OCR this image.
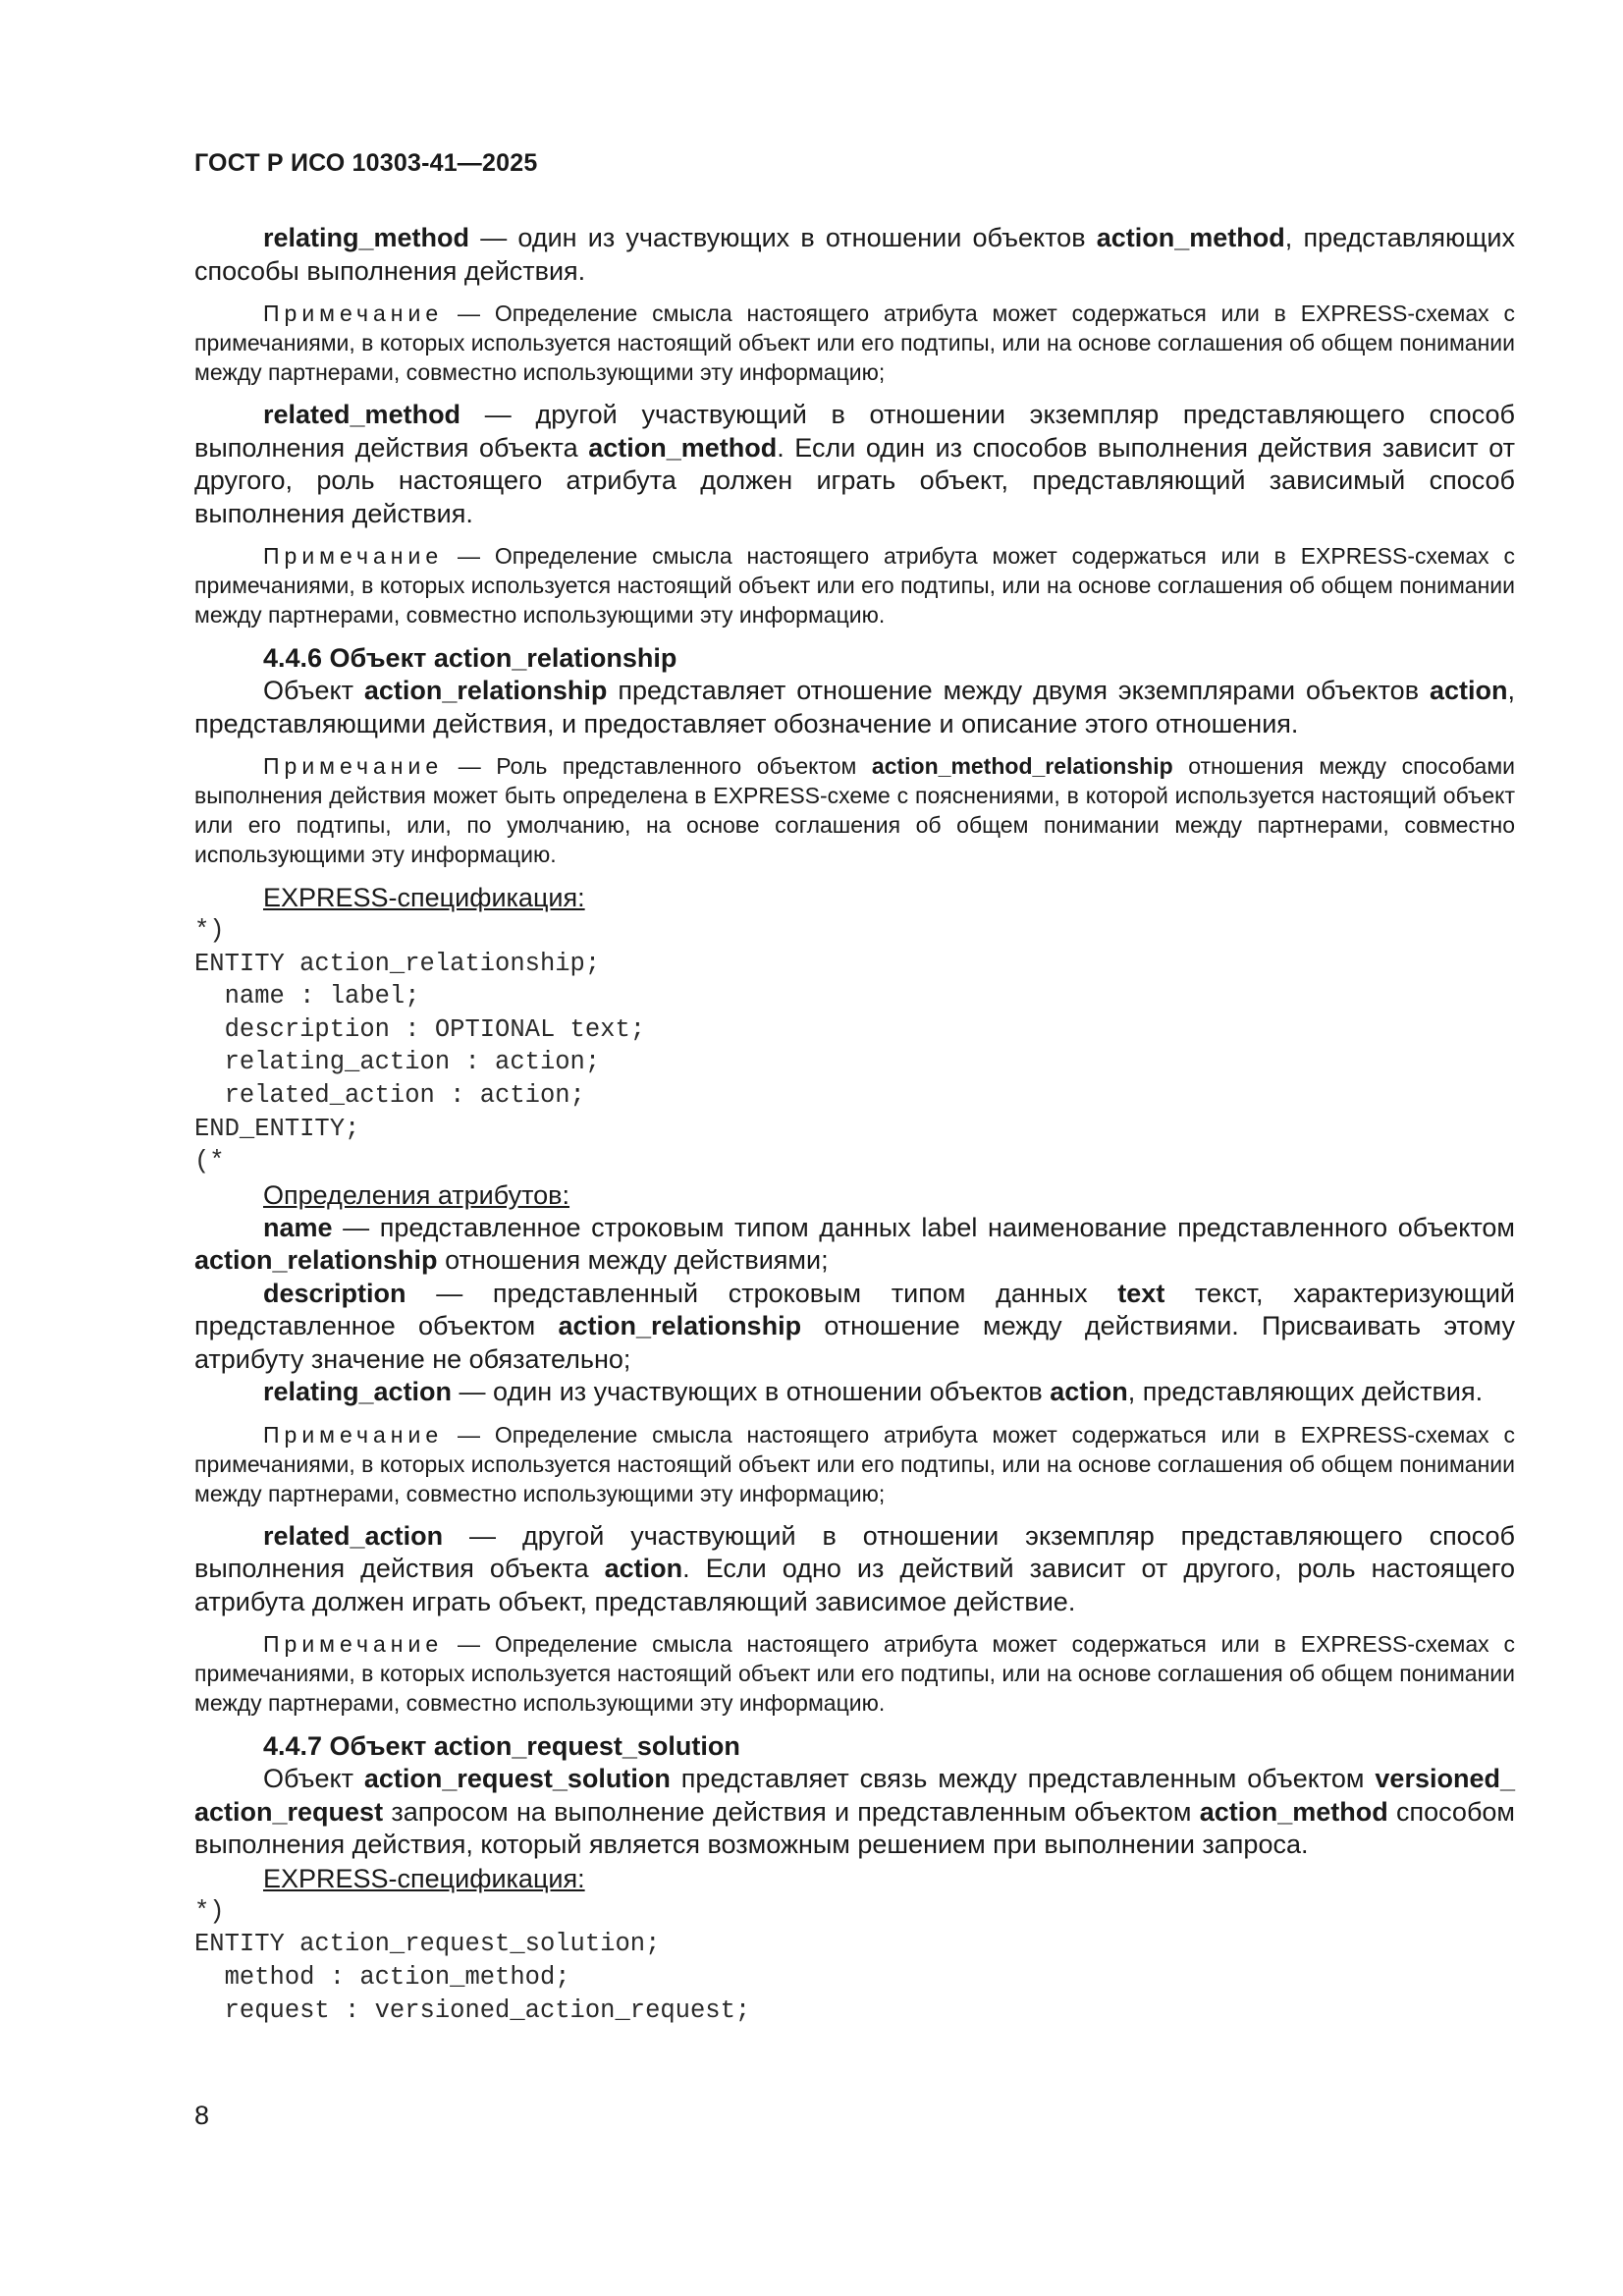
ГОСТ Р ИСО 10303-41—2025

relating_method — один из участвующих в отношении объектов action_method, представляющих способы выполнения действия.

Примечание — Определение смысла настоящего атрибута может содержаться или в EXPRESS-схемах с примечаниями, в которых используется настоящий объект или его подтипы, или на основе соглашения об общем понимании между партнерами, совместно использующими эту информацию;

related_method — другой участвующий в отношении экземпляр представляющего способ выполнения действия объекта action_method. Если один из способов выполнения действия зависит от другого, роль настоящего атрибута должен играть объект, представляющий зависимый способ выполнения действия.

Примечание — Определение смысла настоящего атрибута может содержаться или в EXPRESS-схемах с примечаниями, в которых используется настоящий объект или его подтипы, или на основе соглашения об общем понимании между партнерами, совместно использующими эту информацию.

4.4.6 Объект action_relationship

Объект action_relationship представляет отношение между двумя экземплярами объектов action, представляющими действия, и предоставляет обозначение и описание этого отношения.

Примечание — Роль представленного объектом action_method_relationship отношения между способами выполнения действия может быть определена в EXPRESS-схеме с пояснениями, в которой используется настоящий объект или его подтипы, или, по умолчанию, на основе соглашения об общем понимании между партнерами, совместно использующими эту информацию.

EXPRESS-спецификация:

*)
ENTITY action_relationship;
name : label;
description : OPTIONAL text;
relating_action : action;
related_action : action;
END_ENTITY;
(*

Определения атрибутов:

name — представленное строковым типом данных label наименование представленного объектом action_relationship отношения между действиями;

description — представленный строковым типом данных text текст, характеризующий представленное объектом action_relationship отношение между действиями. Присваивать этому атрибуту значение не обязательно;

relating_action — один из участвующих в отношении объектов action, представляющих действия.

Примечание — Определение смысла настоящего атрибута может содержаться или в EXPRESS-схемах с примечаниями, в которых используется настоящий объект или его подтипы, или на основе соглашения об общем понимании между партнерами, совместно использующими эту информацию;

related_action — другой участвующий в отношении экземпляр представляющего способ выполнения действия объекта action. Если одно из действий зависит от другого, роль настоящего атрибута должен играть объект, представляющий зависимое действие.

Примечание — Определение смысла настоящего атрибута может содержаться или в EXPRESS-схемах с примечаниями, в которых используется настоящий объект или его подтипы, или на основе соглашения об общем понимании между партнерами, совместно использующими эту информацию.

4.4.7 Объект action_request_solution

Объект action_request_solution представляет связь между представленным объектом versioned_ action_request запросом на выполнение действия и представленным объектом action_method способом выполнения действия, который является возможным решением при выполнении запроса.

EXPRESS-спецификация:

*)
ENTITY action_request_solution;
method : action_method;
request : versioned_action_request;
8
